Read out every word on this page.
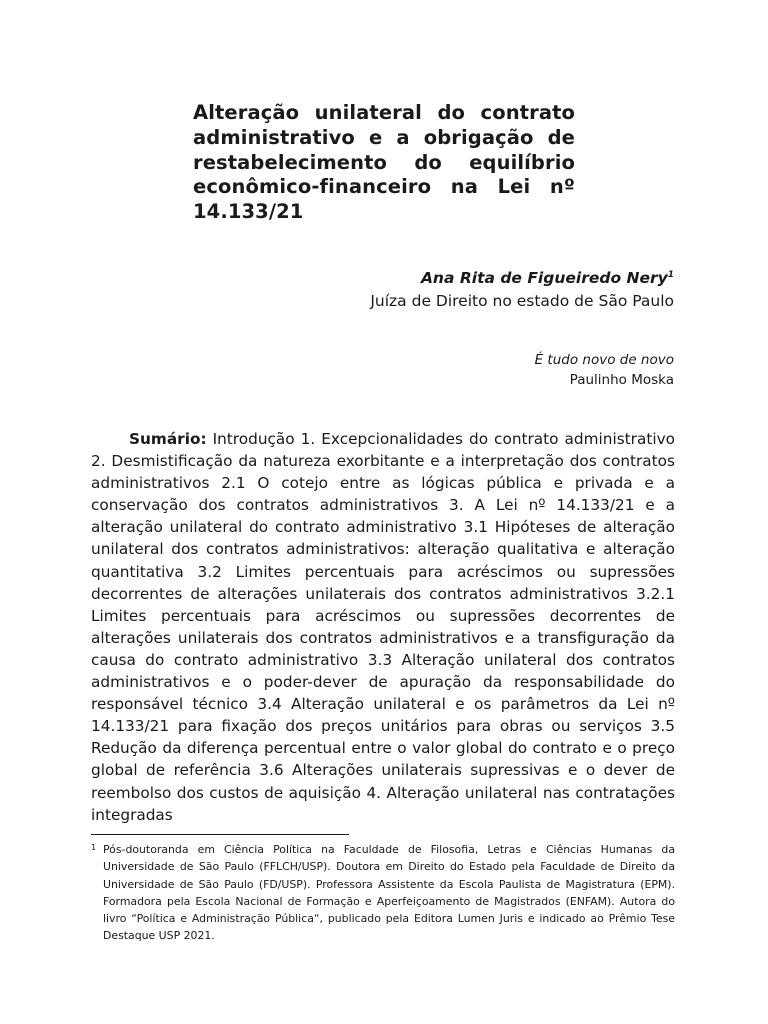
Alteração unilateral do contrato administrativo e a obrigação de restabelecimento do equilíbrio econômico-financeiro na Lei nº 14.133/21
Ana Rita de Figueiredo Nery$^1$
Juíza de Direito no estado de São Paulo
É tudo novo de novo
Paulinho Moska

Sumário: Introdução 1. Excepcionalidades do contrato administrativo 2. Desmistificação da natureza exorbitante e a interpretação dos contratos administrativos 2.1 O cotejo entre as lógicas pública e privada e a conservação dos contratos administrativos 3. A Lei nº 14.133/21 e a alteração unilateral do contrato administrativo 3.1 Hipóteses de alteração unilateral dos contratos administrativos: alteração qualitativa e alteração quantitativa 3.2 Limites percentuais para acréscimos ou supressões decorrentes de alterações unilaterais dos contratos administrativos 3.2.1 Limites percentuais para acréscimos ou supressões decorrentes de alterações unilaterais dos contratos administrativos e a transfiguração da causa do contrato administrativo 3.3 Alteração unilateral dos contratos administrativos e o poder-dever de apuração da responsabilidade do responsável técnico 3.4 Alteração unilateral e os parâmetros da Lei nº 14.133/21 para fixação dos preços unitários para obras ou serviços 3.5 Redução da diferença percentual entre o valor global do contrato e o preço global de referência 3.6 Alterações unilaterais supressivas e o dever de reembolso dos custos de aquisição 4. Alteração unilateral nas contratações integradas

1 Pós-doutoranda em Ciência Política na Faculdade de Filosofia, Letras e Ciências Humanas da Universidade de São Paulo (FFLCH/USP). Doutora em Direito do Estado pela Faculdade de Direito da Universidade de São Paulo (FD/USP). Professora Assistente da Escola Paulista de Magistratura (EPM). Formadora pela Escola Nacional de Formação e Aperfeiçoamento de Magistrados (ENFAM). Autora do livro “Política e Administração Pública“, publicado pela Editora Lumen Juris e indicado ao Prêmio Tese Destaque USP 2021.
